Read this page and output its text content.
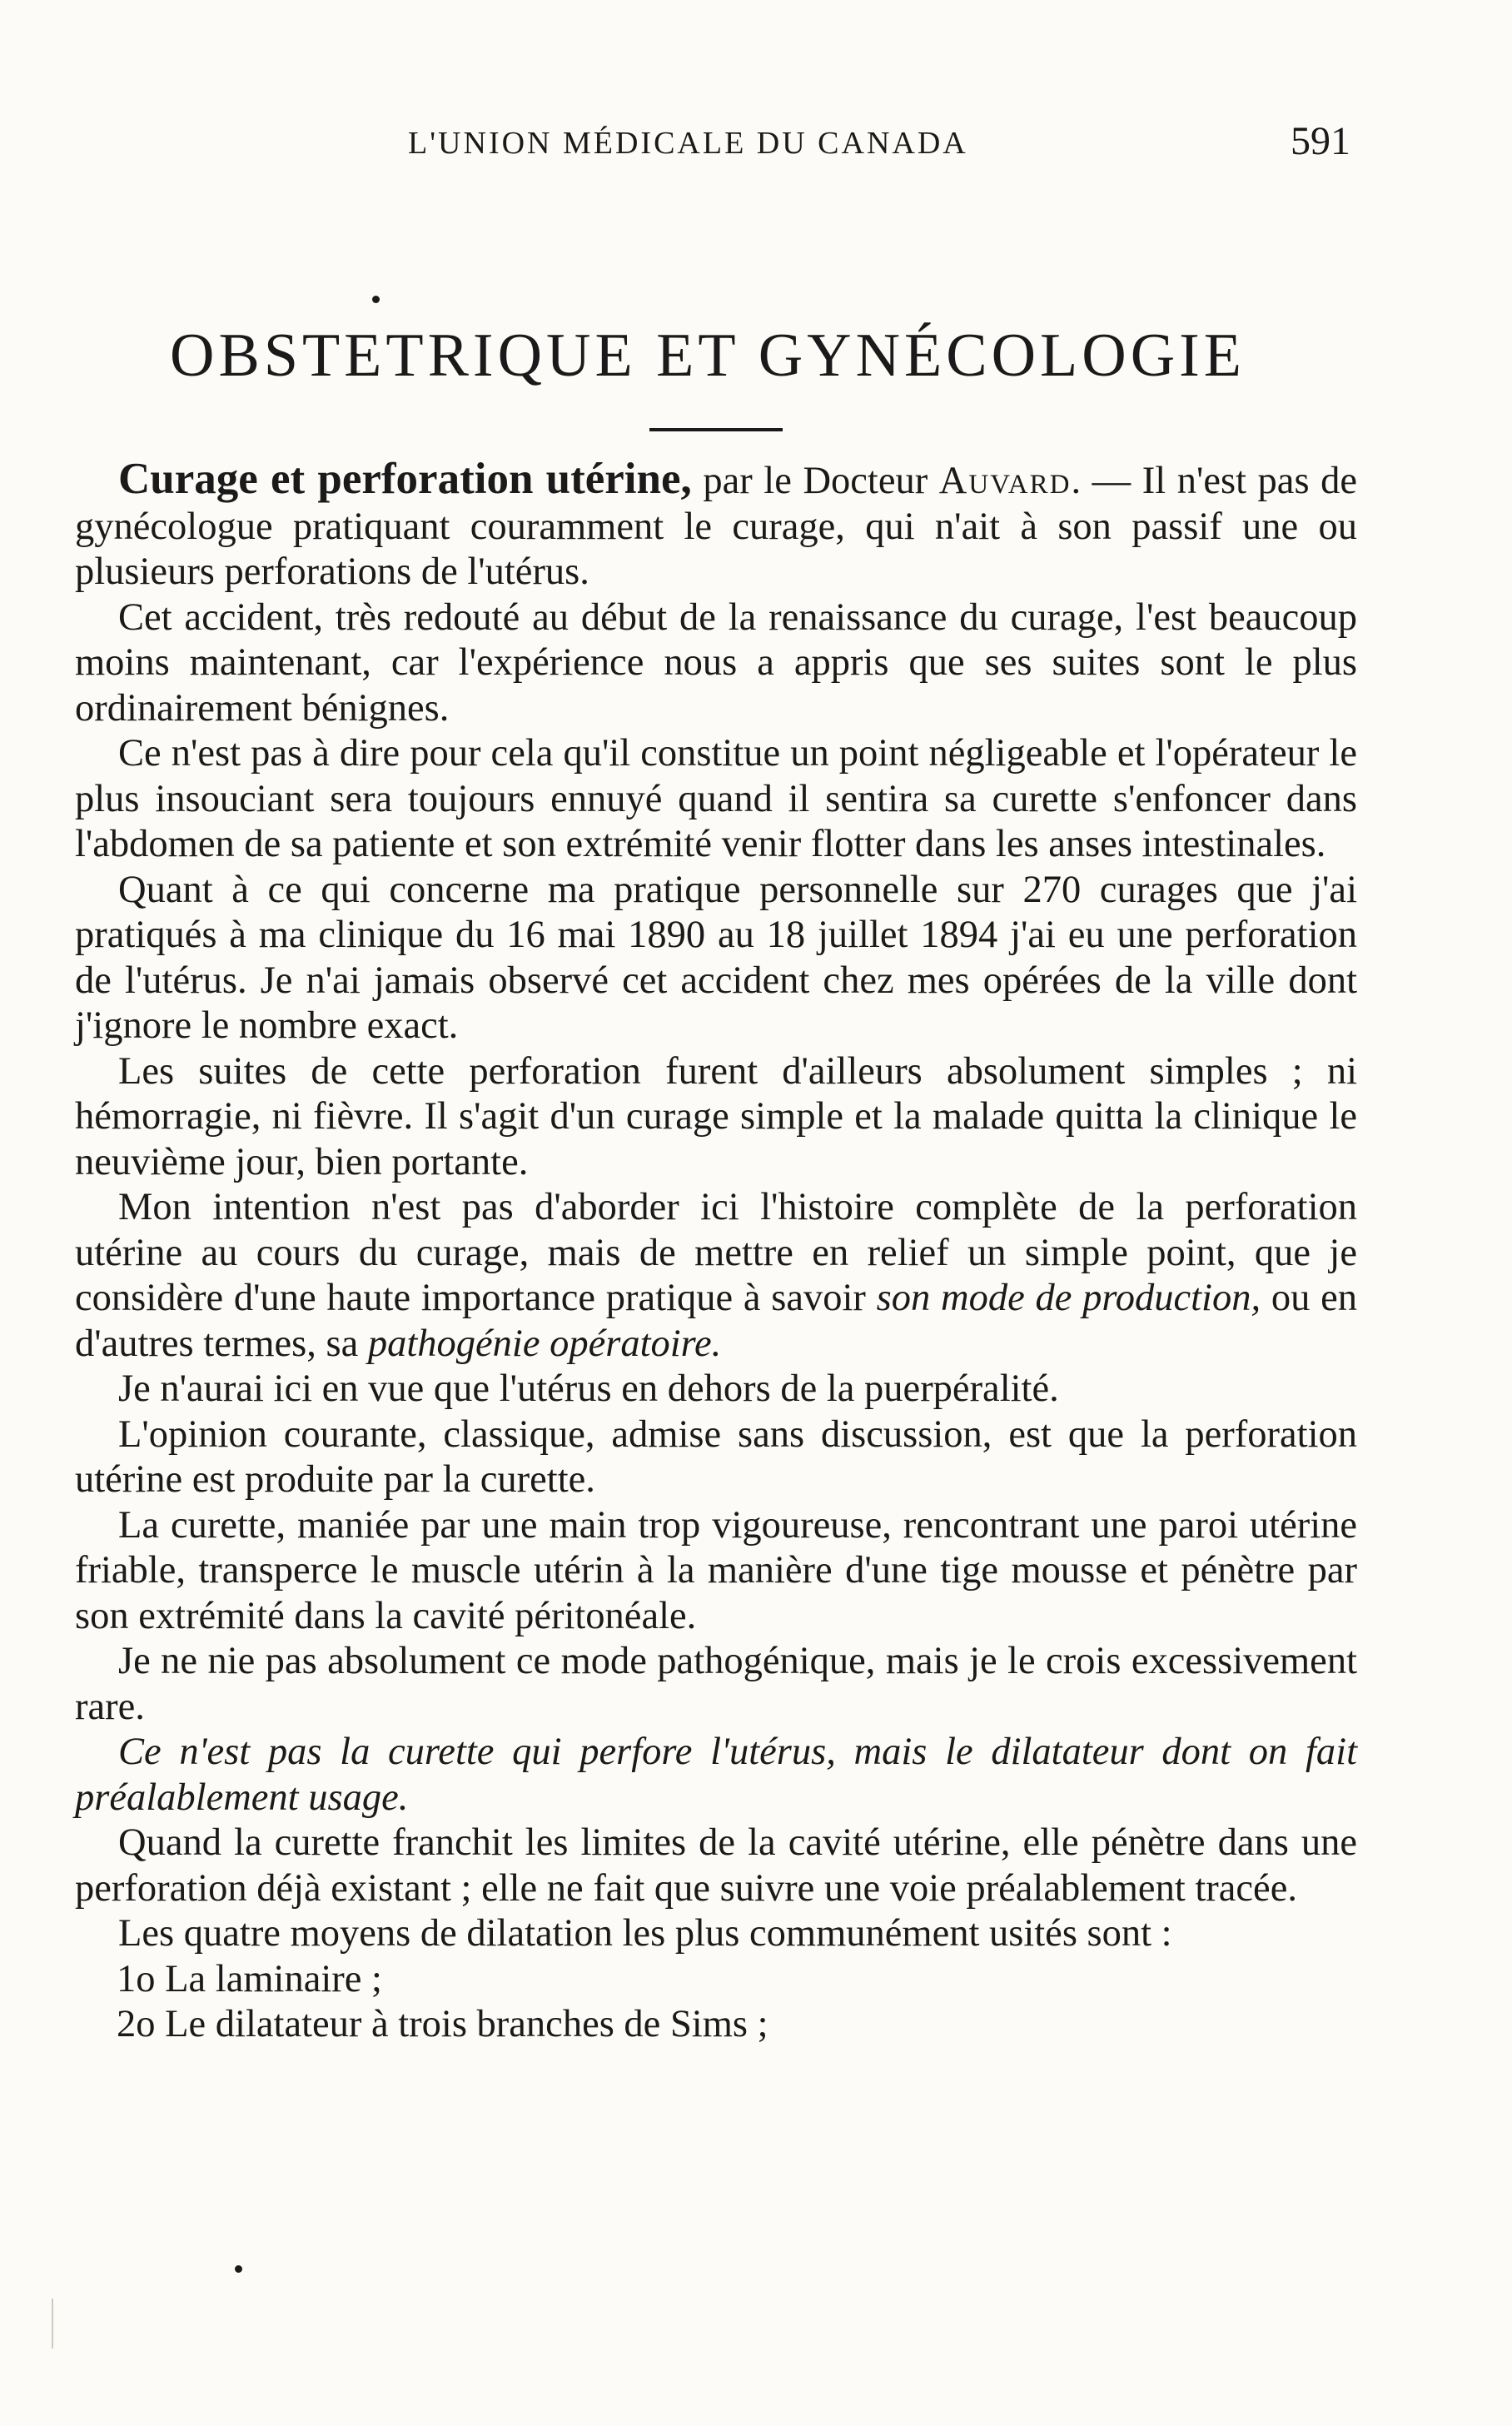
L'UNION MÉDICALE DU CANADA	591
OBSTETRIQUE ET GYNÉCOLOGIE

Curage et perforation utérine, par le Docteur Auvard. — Il n'est pas de gynécologue pratiquant couramment le curage, qui n'ait à son passif une ou plusieurs perforations de l'utérus.

Cet accident, très redouté au début de la renaissance du curage, l'est beaucoup moins maintenant, car l'expérience nous a appris que ses suites sont le plus ordinairement bénignes.

Ce n'est pas à dire pour cela qu'il constitue un point négligeable et l'opérateur le plus insouciant sera toujours ennuyé quand il sentira sa curette s'enfoncer dans l'abdomen de sa patiente et son extrémité venir flotter dans les anses intestinales.

Quant à ce qui concerne ma pratique personnelle sur 270 curages que j'ai pratiqués à ma clinique du 16 mai 1890 au 18 juillet 1894 j'ai eu une perforation de l'utérus. Je n'ai jamais observé cet accident chez mes opérées de la ville dont j'ignore le nombre exact.

Les suites de cette perforation furent d'ailleurs absolument simples ; ni hémorragie, ni fièvre. Il s'agit d'un curage simple et la malade quitta la clinique le neuvième jour, bien portante.

Mon intention n'est pas d'aborder ici l'histoire complète de la perforation utérine au cours du curage, mais de mettre en relief un simple point, que je considère d'une haute importance pratique à savoir son mode de production, ou en d'autres termes, sa pathogénie opératoire.

Je n'aurai ici en vue que l'utérus en dehors de la puerpéralité.

L'opinion courante, classique, admise sans discussion, est que la perforation utérine est produite par la curette.

La curette, maniée par une main trop vigoureuse, rencontrant une paroi utérine friable, transperce le muscle utérin à la manière d'une tige mousse et pénètre par son extrémité dans la cavité péritonéale.

Je ne nie pas absolument ce mode pathogénique, mais je le crois excessivement rare.

Ce n'est pas la curette qui perfore l'utérus, mais le dilatateur dont on fait préalablement usage.

Quand la curette franchit les limites de la cavité utérine, elle pénètre dans une perforation déjà existant ; elle ne fait que suivre une voie préalablement tracée.

Les quatre moyens de dilatation les plus communément usités sont :

1o La laminaire ;

2o Le dilatateur à trois branches de Sims ;
